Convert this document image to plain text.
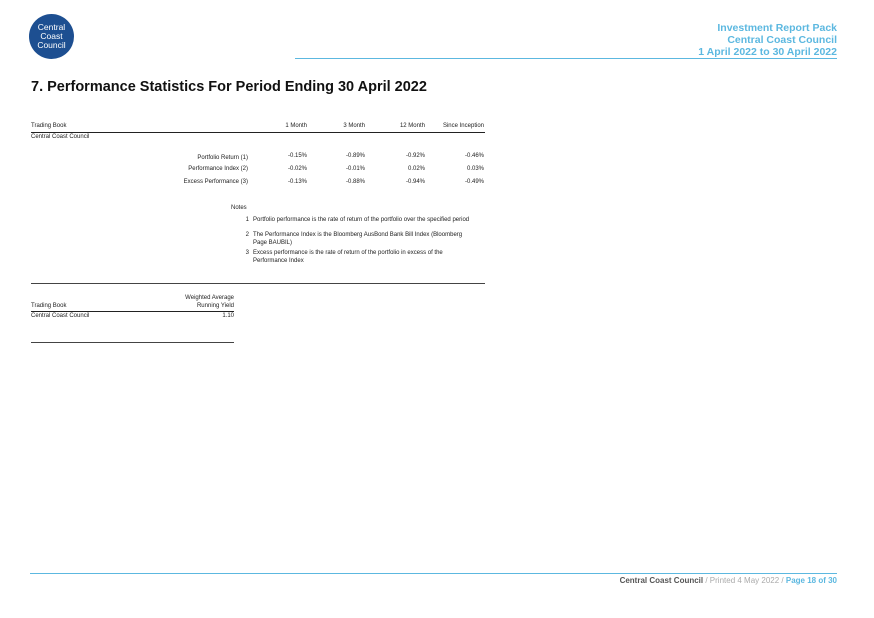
Central
Coast
Council
Investment Report Pack
Central Coast Council
1 April 2022 to 30 April 2022
7. Performance Statistics For Period Ending 30 April 2022
Trading Book	1 Month	3 Month	12 Month	Since Inception
Central Coast Council
Portfolio Return (1)	-0.15%	-0.89%	-0.92%	-0.46%
Performance Index (2)	-0.02%	-0.01%	0.02%	0.03%
Excess Performance (3)	-0.13%	-0.88%	-0.94%	-0.49%
Notes
1 Portfolio performance is the rate of return of the portfolio over the specified period
2 The Performance Index is the Bloomberg AusBond Bank Bill Index (Bloomberg Page BAUBIL)
3 Excess performance is the rate of return of the portfolio in excess of the Performance Index
Weighted Average
Trading Book	Running Yield
Central Coast Council	1.10
Central Coast Council / Printed 4 May 2022 / Page 18 of 30
